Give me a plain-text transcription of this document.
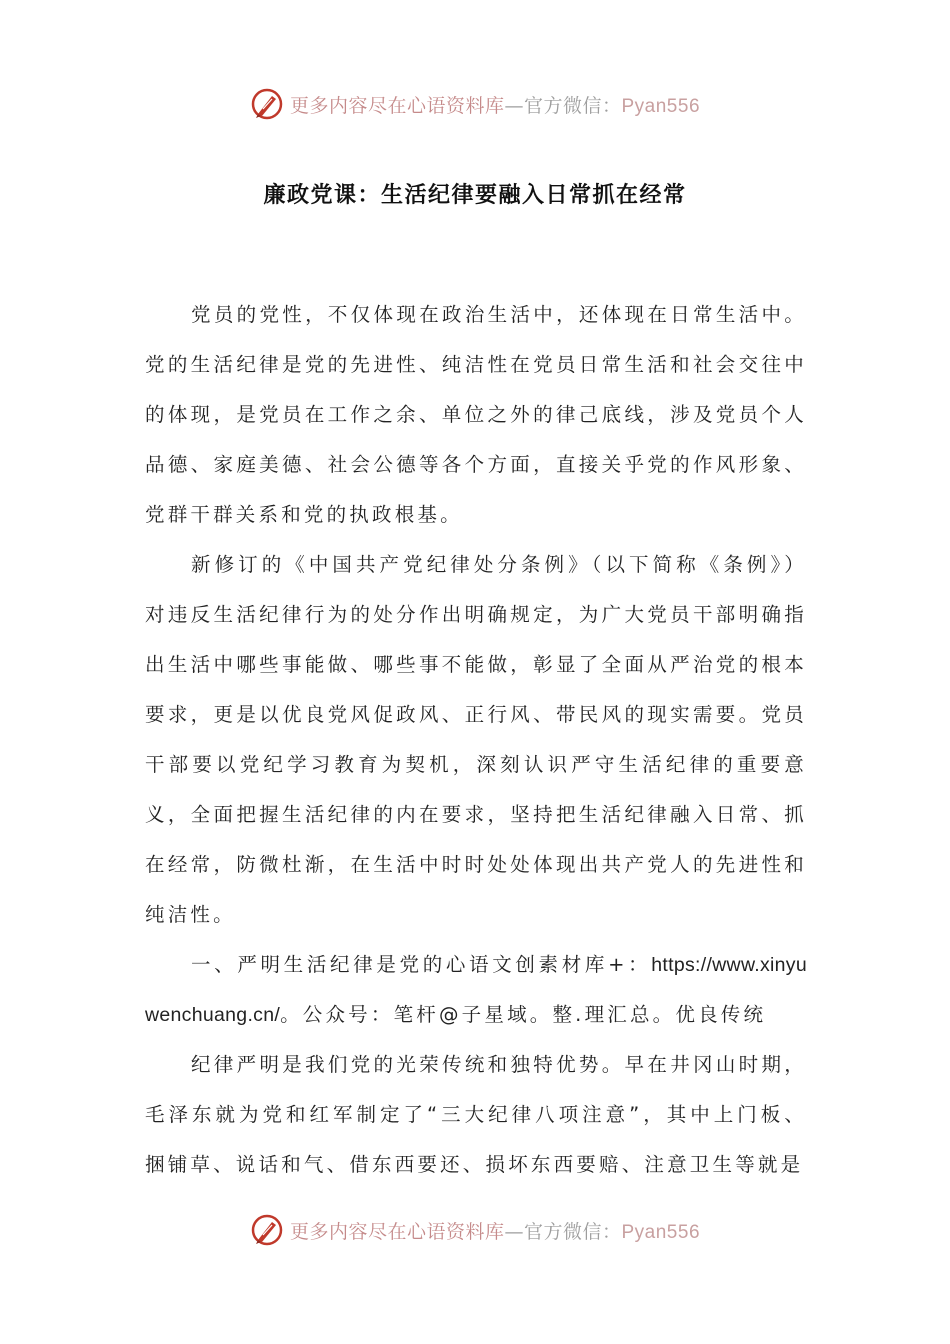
更多内容尽在心语资料库—官方微信：Pyan556
廉政党课：生活纪律要融入日常抓在经常

党员的党性，不仅体现在政治生活中，还体现在日常生活中。党的生活纪律是党的先进性、纯洁性在党员日常生活和社会交往中的体现，是党员在工作之余、单位之外的律己底线，涉及党员个人品德、家庭美德、社会公德等各个方面，直接关乎党的作风形象、党群干群关系和党的执政根基。

新修订的《中国共产党纪律处分条例》（以下简称《条例》）对违反生活纪律行为的处分作出明确规定，为广大党员干部明确指出生活中哪些事能做、哪些事不能做，彰显了全面从严治党的根本要求，更是以优良党风促政风、正行风、带民风的现实需要。党员干部要以党纪学习教育为契机，深刻认识严守生活纪律的重要意义，全面把握生活纪律的内在要求，坚持把生活纪律融入日常、抓在经常，防微杜渐，在生活中时时处处体现出共产党人的先进性和纯洁性。

一、严明生活纪律是党的心语文创素材库+：https://www.xinyuwenchuang.cn/。公众号：笔杆@子星域。整.理汇总。优良传统

纪律严明是我们党的光荣传统和独特优势。早在井冈山时期，毛泽东就为党和红军制定了“三大纪律八项注意”，其中上门板、捆铺草、说话和气、借东西要还、损坏东西要赔、注意卫生等就是

更多内容尽在心语资料库—官方微信：Pyan556
